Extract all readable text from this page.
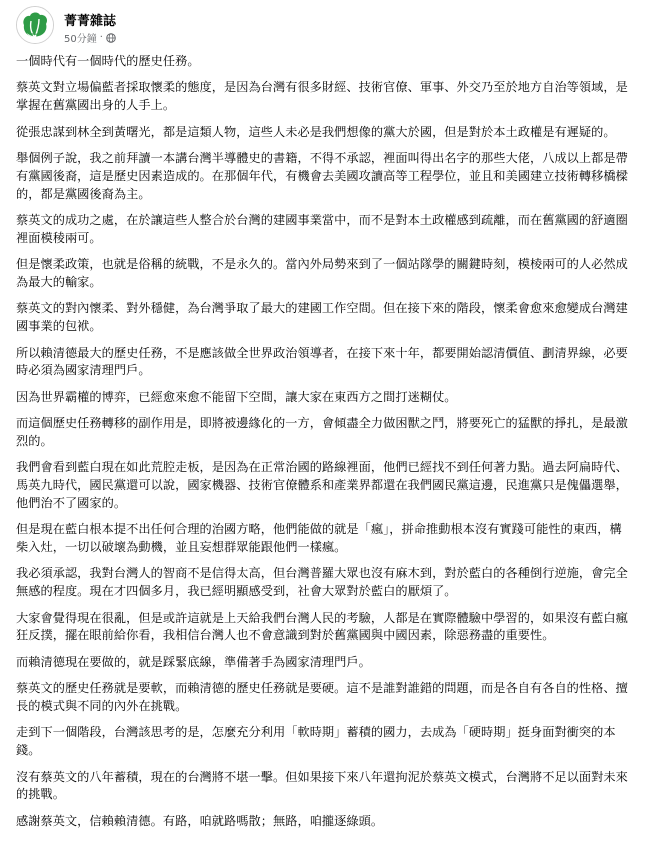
菁菁雜誌
50分鐘 ·

一個時代有一個時代的歷史任務。

蔡英文對立場偏藍者採取懷柔的態度，是因為台灣有很多財經、技術官僚、軍事、外交乃至於地方自治等領域，是掌握在舊黨國出身的人手上。

從張忠謀到林全到黃曙光，都是這類人物，這些人未必是我們想像的黨大於國，但是對於本土政權是有遲疑的。

舉個例子說，我之前拜讀一本講台灣半導體史的書籍，不得不承認，裡面叫得出名字的那些大佬，八成以上都是帶有黨國後裔，這是歷史因素造成的。在那個年代，有機會去美國攻讀高等工程學位，並且和美國建立技術轉移橋樑的，都是黨國後裔為主。

蔡英文的成功之處，在於讓這些人整合於台灣的建國事業當中，而不是對本土政權感到疏離，而在舊黨國的舒適圈裡面模稜兩可。

但是懷柔政策，也就是俗稱的統戰，不是永久的。當內外局勢來到了一個站隊學的關鍵時刻，模棱兩可的人必然成為最大的輸家。

蔡英文的對內懷柔、對外穩健，為台灣爭取了最大的建國工作空間。但在接下來的階段，懷柔會愈來愈變成台灣建國事業的包袱。

所以賴清德最大的歷史任務，不是應該做全世界政治領導者，在接下來十年，都要開始認清價值、劃清界線，必要時必須為國家清理門戶。

因為世界霸權的博弈，已經愈來愈不能留下空間，讓大家在東西方之間打迷糊仗。

而這個歷史任務轉移的副作用是，即將被邊緣化的一方，會傾盡全力做困獸之鬥，將要死亡的猛獸的掙扎，是最激烈的。

我們會看到藍白現在如此荒腔走板，是因為在正常治國的路線裡面，他們已經找不到任何著力點。過去阿扁時代、馬英九時代，國民黨還可以說，國家機器、技術官僚體系和產業界都還在我們國民黨這邊，民進黨只是傀儡選舉，他們治不了國家的。

但是現在藍白根本提不出任何合理的治國方略，他們能做的就是「瘋」，拼命推動根本沒有實踐可能性的東西，構柴入灶，一切以破壞為動機，並且妄想群眾能跟他們一樣瘋。

我必須承認，我對台灣人的智商不是信得太高，但台灣普羅大眾也沒有麻木到，對於藍白的各種倒行逆施，會完全無感的程度。現在才四個多月，我已經明顯感受到，社會大眾對於藍白的厭煩了。

大家會覺得現在很亂，但是或許這就是上天給我們台灣人民的考驗，人都是在實際體驗中學習的，如果沒有藍白瘋狂反撲，擺在眼前給你看，我相信台灣人也不會意識到對於舊黨國與中國因素，除惡務盡的重要性。

而賴清德現在要做的，就是踩緊底線，準備著手為國家清理門戶。

蔡英文的歷史任務就是要軟，而賴清德的歷史任務就是要硬。這不是誰對誰錯的問題，而是各自有各自的性格、擅長的模式與不同的內外在挑戰。

走到下一個階段，台灣該思考的是，怎麼充分利用「軟時期」蓄積的國力，去成為「硬時期」挺身面對衝突的本錢。

沒有蔡英文的八年蓄積，現在的台灣將不堪一擊。但如果接下來八年還拘泥於蔡英文模式，台灣將不足以面對未來的挑戰。

感謝蔡英文，信賴賴清德。有路，咱就路嗎散；無路，咱攏逐綠頭。
